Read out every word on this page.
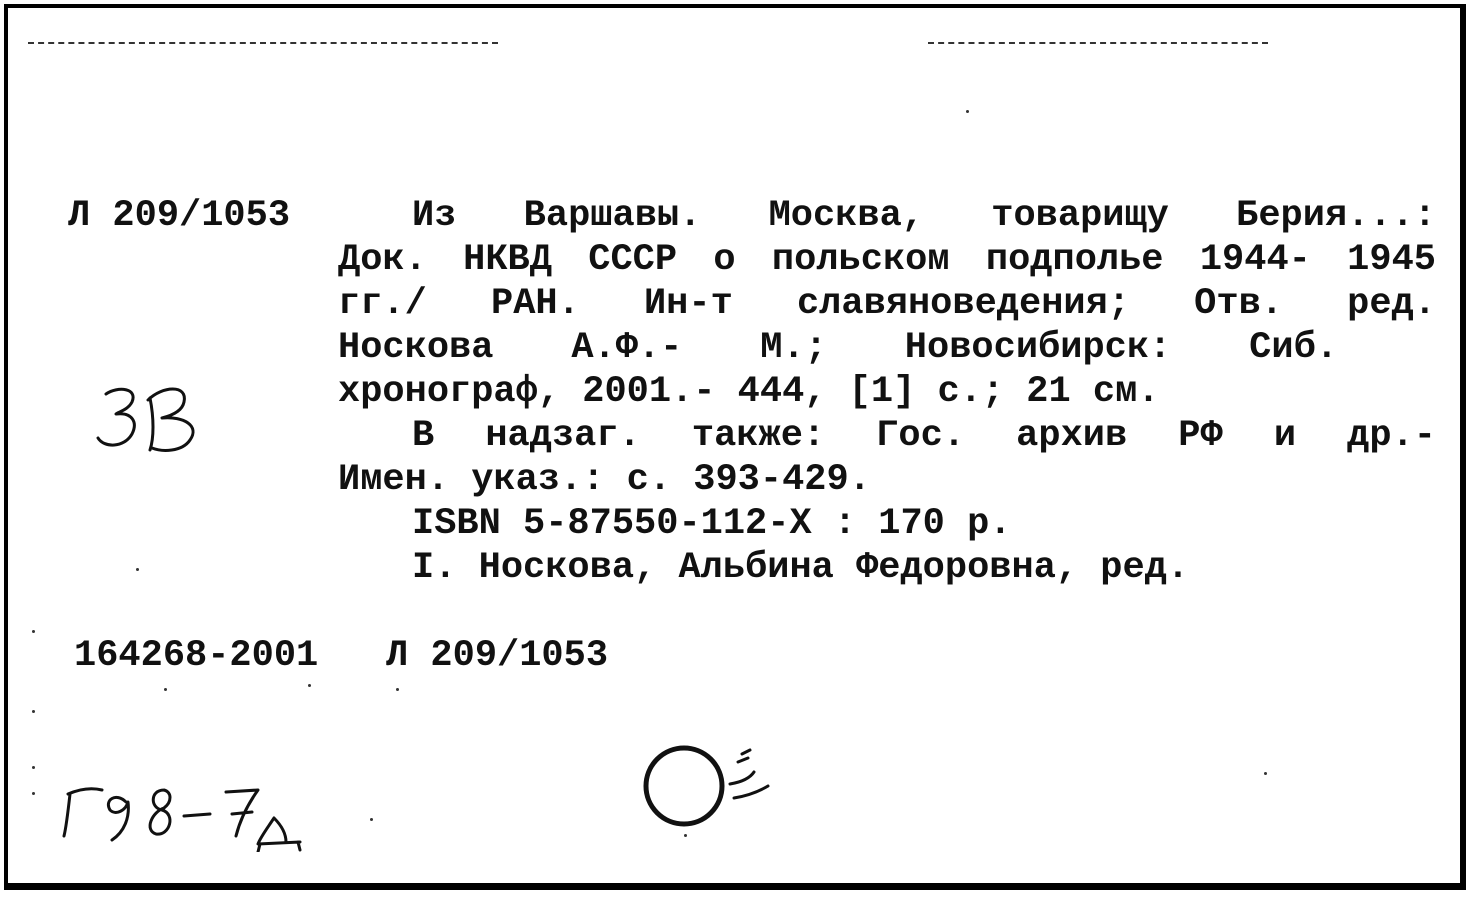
Л 209/1053	Из Варшавы. Москва, товарищу Берия...:
Док. НКВД СССР о польском подполье 1944- 1945
гг./ РАН. Ин-т славяноведения; Отв. ред.
Носкова А.Ф.- М.; Новосибирск: Сиб.
хронограф, 2001.- 444, [1] с.; 21 см.
В надзаг. также: Гос. архив РФ и др.-
Имен. указ.: с. 393-429.
ISBN 5-87550-112-X : 170 р.
I. Носкова, Альбина Федоровна, ред.
164268-2001 Л 209/1053
